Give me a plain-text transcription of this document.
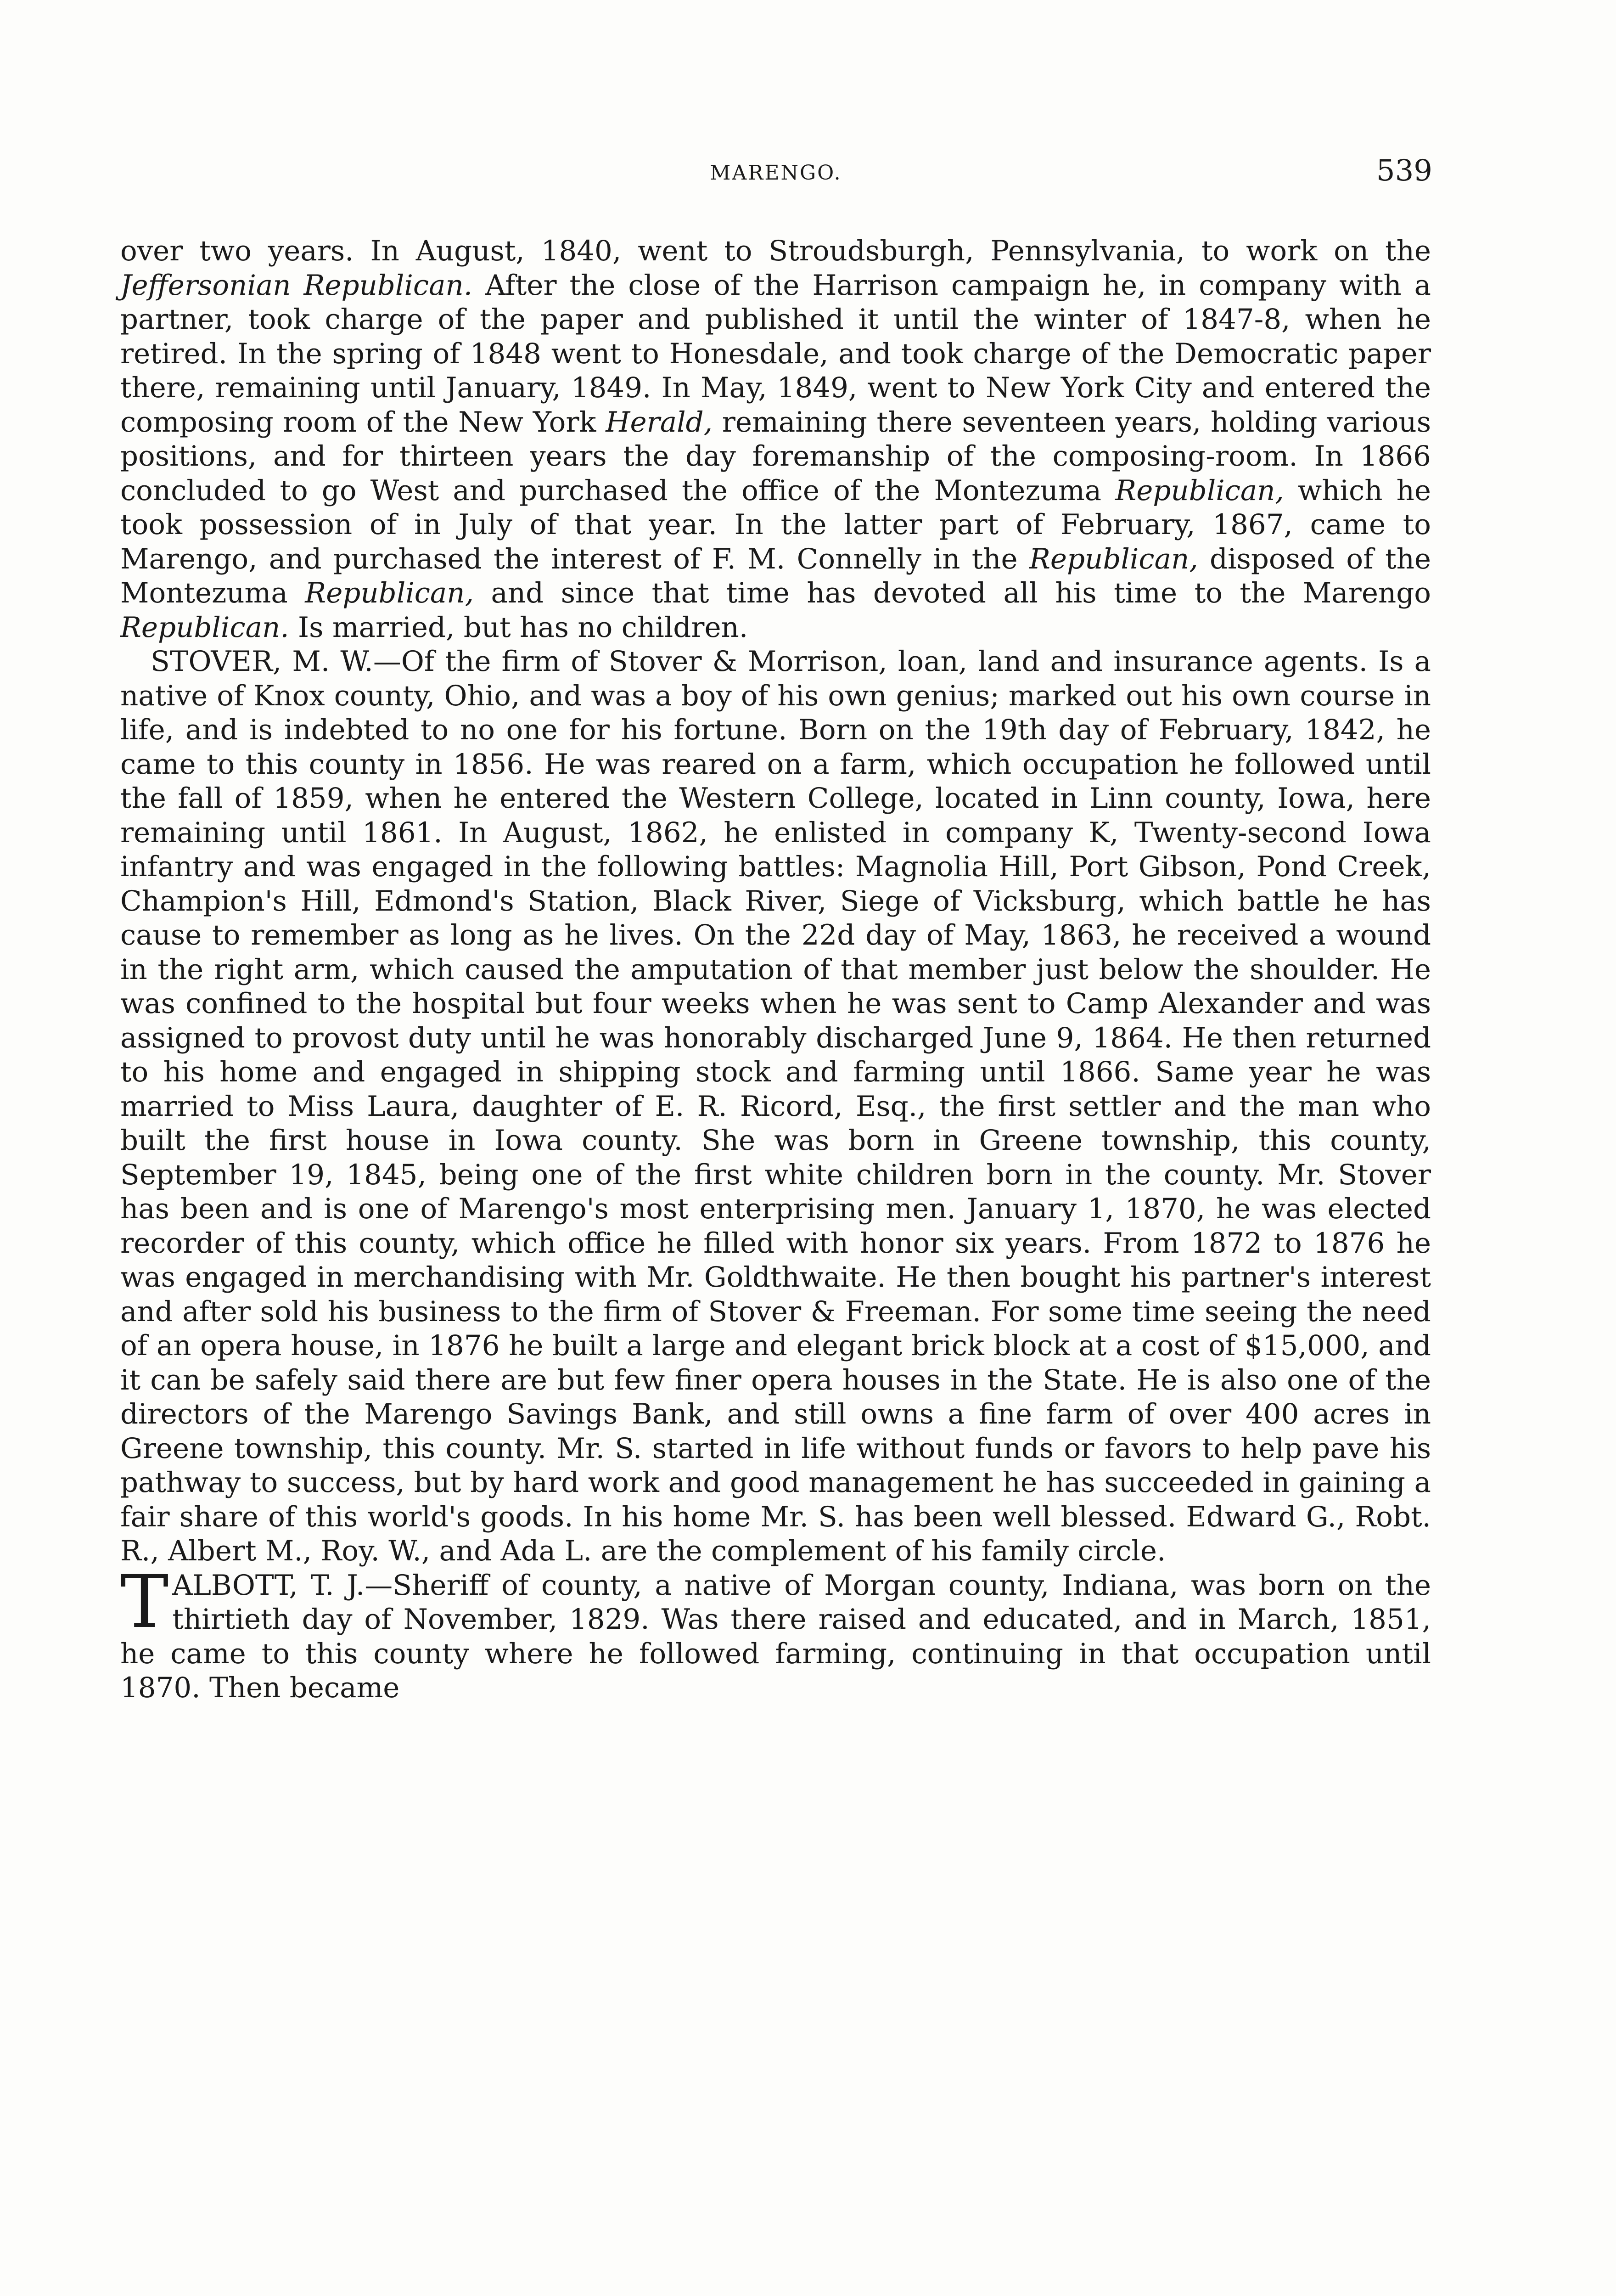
MARENGO.	539

over two years. In August, 1840, went to Stroudsburgh, Pennsylvania, to work on the Jeffersonian Republican. After the close of the Harrison campaign he, in company with a partner, took charge of the paper and published it until the winter of 1847-8, when he retired. In the spring of 1848 went to Honesdale, and took charge of the Democratic paper there, remaining until January, 1849. In May, 1849, went to New York City and entered the composing room of the New York Herald, remaining there seventeen years, holding various positions, and for thirteen years the day foremanship of the composing-room. In 1866 concluded to go West and purchased the office of the Montezuma Republican, which he took possession of in July of that year. In the latter part of February, 1867, came to Marengo, and purchased the interest of F. M. Connelly in the Republican, disposed of the Montezuma Republican, and since that time has devoted all his time to the Marengo Republican. Is married, but has no children.

STOVER, M. W.—Of the firm of Stover & Morrison, loan, land and insurance agents. Is a native of Knox county, Ohio, and was a boy of his own genius; marked out his own course in life, and is indebted to no one for his fortune. Born on the 19th day of February, 1842, he came to this county in 1856. He was reared on a farm, which occupation he followed until the fall of 1859, when he entered the Western College, located in Linn county, Iowa, here remaining until 1861. In August, 1862, he enlisted in company K, Twenty-second Iowa infantry and was engaged in the following battles: Magnolia Hill, Port Gibson, Pond Creek, Champion's Hill, Edmond's Station, Black River, Siege of Vicksburg, which battle he has cause to remember as long as he lives. On the 22d day of May, 1863, he received a wound in the right arm, which caused the amputation of that member just below the shoulder. He was confined to the hospital but four weeks when he was sent to Camp Alexander and was assigned to provost duty until he was honorably discharged June 9, 1864. He then returned to his home and engaged in shipping stock and farming until 1866. Same year he was married to Miss Laura, daughter of E. R. Ricord, Esq., the first settler and the man who built the first house in Iowa county. She was born in Greene township, this county, September 19, 1845, being one of the first white children born in the county. Mr. Stover has been and is one of Marengo's most enterprising men. January 1, 1870, he was elected recorder of this county, which office he filled with honor six years. From 1872 to 1876 he was engaged in merchandising with Mr. Goldthwaite. He then bought his partner's interest and after sold his business to the firm of Stover & Freeman. For some time seeing the need of an opera house, in 1876 he built a large and elegant brick block at a cost of $15,000, and it can be safely said there are but few finer opera houses in the State. He is also one of the directors of the Marengo Savings Bank, and still owns a fine farm of over 400 acres in Greene township, this county. Mr. S. started in life without funds or favors to help pave his pathway to success, but by hard work and good management he has succeeded in gaining a fair share of this world's goods. In his home Mr. S. has been well blessed. Edward G., Robt. R., Albert M., Roy. W., and Ada L. are the complement of his family circle.

T ALBOTT, T. J.—Sheriff of county, a native of Morgan county, Indiana, was born on the thirtieth day of November, 1829. Was there raised and educated, and in March, 1851, he came to this county where he followed farming, continuing in that occupation until 1870. Then became
